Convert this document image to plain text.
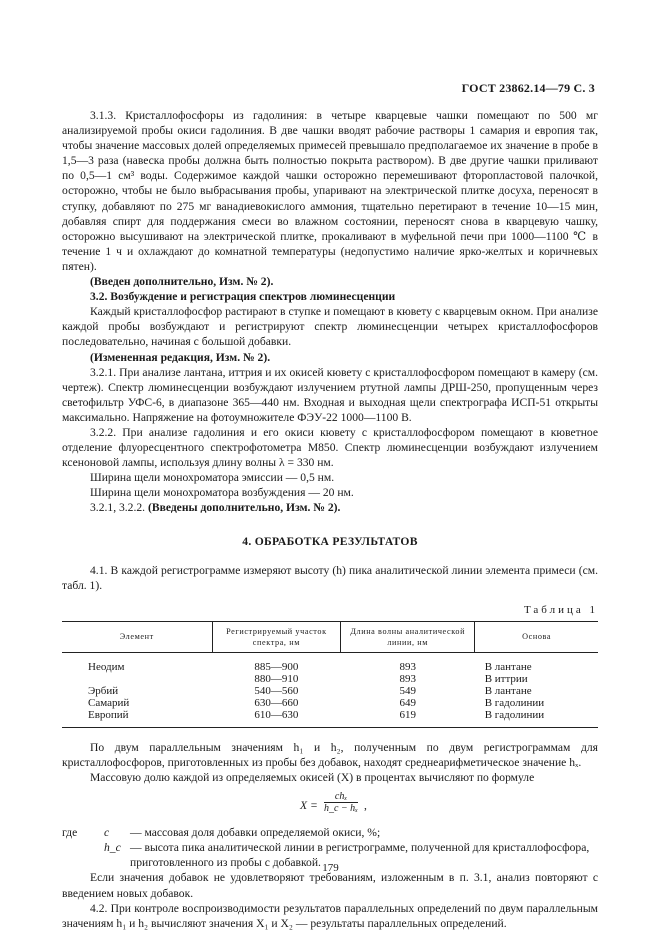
ГОСТ 23862.14—79 С. 3
3.1.3. Кристаллофосфоры из гадолиния: в четыре кварцевые чашки помещают по 500 мг анализируемой пробы окиси гадолиния. В две чашки вводят рабочие растворы 1 самария и европия так, чтобы значение массовых долей определяемых примесей превышало предполагаемое их значение в пробе в 1,5—3 раза (навеска пробы должна быть полностью покрыта раствором). В две другие чашки приливают по 0,5—1 см³ воды. Содержимое каждой чашки осторожно перемешивают фторопластовой палочкой, осторожно, чтобы не было выбрасывания пробы, упаривают на электрической плитке досуха, переносят в ступку, добавляют по 275 мг ванадиевокислого аммония, тщательно перетирают в течение 10—15 мин, добавляя спирт для поддержания смеси во влажном состоянии, переносят снова в кварцевую чашку, осторожно высушивают на электрической плитке, прокаливают в муфельной печи при 1000—1100 ℃ в течение 1 ч и охлаждают до комнатной температуры (недопустимо наличие ярко-желтых и коричневых пятен).
(Введен дополнительно, Изм. № 2).
3.2. Возбуждение и регистрация спектров люминесценции
Каждый кристаллофосфор растирают в ступке и помещают в кювету с кварцевым окном. При анализе каждой пробы возбуждают и регистрируют спектр люминесценции четырех кристаллофосфоров последовательно, начиная с большой добавки.
(Измененная редакция, Изм. № 2).
3.2.1. При анализе лантана, иттрия и их окисей кювету с кристаллофосфором помещают в камеру (см. чертеж). Спектр люминесценции возбуждают излучением ртутной лампы ДРШ-250, пропущенным через светофильтр УФС-6, в диапазоне 365—440 нм. Входная и выходная щели спектрографа ИСП-51 открыты максимально. Напряжение на фотоумножителе ФЭУ-22 1000—1100 В.
3.2.2. При анализе гадолиния и его окиси кювету с кристаллофосфором помещают в кюветное отделение флуоресцентного спектрофотометра М850. Спектр люминесценции возбуждают излучением ксеноновой лампы, используя длину волны λ = 330 нм.
Ширина щели монохроматора эмиссии — 0,5 нм.
Ширина щели монохроматора возбуждения — 20 нм.
3.2.1, 3.2.2. (Введены дополнительно, Изм. № 2).
4. ОБРАБОТКА РЕЗУЛЬТАТОВ
4.1. В каждой регистрограмме измеряют высоту (h) пика аналитической линии элемента примеси (см. табл. 1).
Таблица 1
Элемент	Регистрируемый участок спектра, нм	Длина волны аналитической линии, нм	Основа
Неодим	885—900	893	В лантане
	880—910	893	В иттрии
Эрбий	540—560	549	В лантане
Самарий	630—660	649	В гадолинии
Европий	610—630	619	В гадолинии
По двум параллельным значениям h₁ и h₂, полученным по двум регистрограммам для кристаллофосфоров, приготовленных из пробы без добавок, находят среднеарифметическое значение hₓ.
Массовую долю каждой из определяемых окисей (X) в процентах вычисляют по формуле
X =
chₓ
h_c − hₓ ,
где c — массовая доля добавки определяемой окиси, %;
h_c — высота пика аналитической линии в регистрограмме, полученной для кристаллофосфора, приготовленного из пробы с добавкой.
Если значения добавок не удовлетворяют требованиям, изложенным в п. 3.1, анализ повторяют с введением новых добавок.
4.2. При контроле воспроизводимости результатов параллельных определений по двум параллельным значениям h₁ и h₂ вычисляют значения X₁ и X₂ — результаты параллельных определений.
179
